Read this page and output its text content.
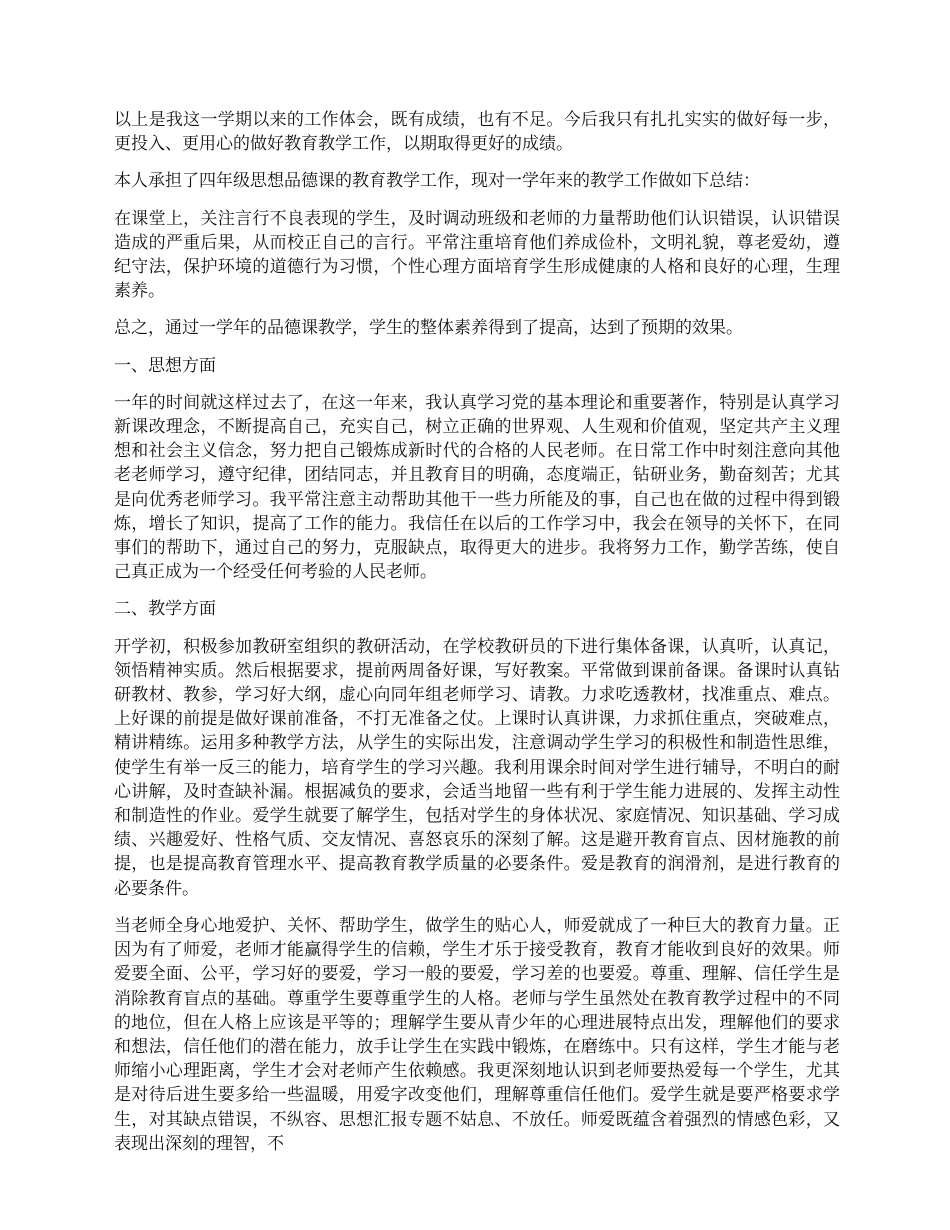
以上是我这一学期以来的工作体会，既有成绩，也有不足。今后我只有扎扎实实的做好每一步，更投入、更用心的做好教育教学工作，以期取得更好的成绩。

本人承担了四年级思想品德课的教育教学工作，现对一学年来的教学工作做如下总结：

在课堂上，关注言行不良表现的学生，及时调动班级和老师的力量帮助他们认识错误，认识错误造成的严重后果，从而校正自己的言行。平常注重培育他们养成俭朴，文明礼貌，尊老爱幼，遵纪守法，保护环境的道德行为习惯，个性心理方面培育学生形成健康的人格和良好的心理，生理素养。

总之，通过一学年的品德课教学，学生的整体素养得到了提高，达到了预期的效果。

一、思想方面

一年的时间就这样过去了，在这一年来，我认真学习党的基本理论和重要著作，特别是认真学习新课改理念，不断提高自己，充实自己，树立正确的世界观、人生观和价值观，坚定共产主义理想和社会主义信念，努力把自己锻炼成新时代的合格的人民老师。在日常工作中时刻注意向其他老老师学习，遵守纪律，团结同志，并且教育目的明确，态度端正，钻研业务，勤奋刻苦；尤其是向优秀老师学习。我平常注意主动帮助其他干一些力所能及的事，自己也在做的过程中得到锻炼，增长了知识，提高了工作的能力。我信任在以后的工作学习中，我会在领导的关怀下，在同事们的帮助下，通过自己的努力，克服缺点，取得更大的进步。我将努力工作，勤学苦练，使自己真正成为一个经受任何考验的人民老师。

二、教学方面

开学初，积极参加教研室组织的教研活动，在学校教研员的下进行集体备课，认真听，认真记，领悟精神实质。然后根据要求，提前两周备好课，写好教案。平常做到课前备课。备课时认真钻研教材、教参，学习好大纲，虚心向同年组老师学习、请教。力求吃透教材，找准重点、难点。上好课的前提是做好课前准备，不打无准备之仗。上课时认真讲课，力求抓住重点，突破难点，精讲精练。运用多种教学方法，从学生的实际出发，注意调动学生学习的积极性和制造性思维，使学生有举一反三的能力，培育学生的学习兴趣。我利用课余时间对学生进行辅导，不明白的耐心讲解，及时查缺补漏。根据减负的要求，会适当地留一些有利于学生能力进展的、发挥主动性和制造性的作业。爱学生就要了解学生，包括对学生的身体状况、家庭情况、知识基础、学习成绩、兴趣爱好、性格气质、交友情况、喜怒哀乐的深刻了解。这是避开教育盲点、因材施教的前提，也是提高教育管理水平、提高教育教学质量的必要条件。爱是教育的润滑剂，是进行教育的必要条件。

当老师全身心地爱护、关怀、帮助学生，做学生的贴心人，师爱就成了一种巨大的教育力量。正因为有了师爱，老师才能赢得学生的信赖，学生才乐于接受教育，教育才能收到良好的效果。师爱要全面、公平，学习好的要爱，学习一般的要爱，学习差的也要爱。尊重、理解、信任学生是消除教育盲点的基础。尊重学生要尊重学生的人格。老师与学生虽然处在教育教学过程中的不同的地位，但在人格上应该是平等的；理解学生要从青少年的心理进展特点出发，理解他们的要求和想法，信任他们的潜在能力，放手让学生在实践中锻炼，在磨练中。只有这样，学生才能与老师缩小心理距离，学生才会对老师产生依赖感。我更深刻地认识到老师要热爱每一个学生，尤其是对待后进生要多给一些温暖，用爱字改变他们，理解尊重信任他们。爱学生就是要严格要求学生，对其缺点错误，不纵容、思想汇报专题不姑息、不放任。师爱既蕴含着强烈的情感色彩，又表现出深刻的理智，不
